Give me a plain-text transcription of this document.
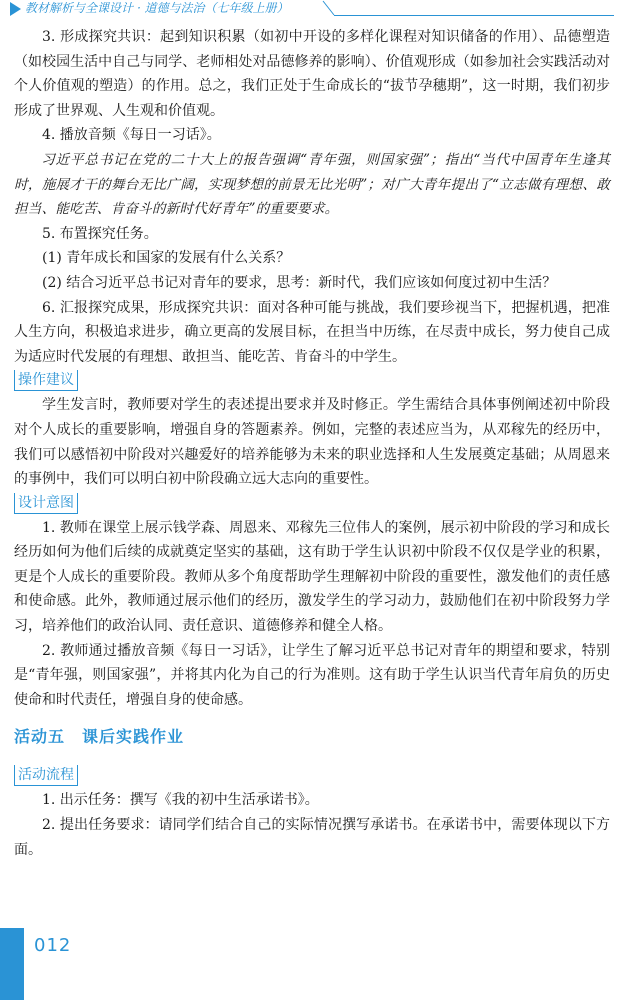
教材解析与全课设计 · 道德与法治（七年级上册）

3. 形成探究共识：起到知识积累（如初中开设的多样化课程对知识储备的作用）、品德塑造（如校园生活中自己与同学、老师相处对品德修养的影响）、价值观形成（如参加社会实践活动对个人价值观的塑造）的作用。总之，我们正处于生命成长的“拔节孕穗期”，这一时期，我们初步形成了世界观、人生观和价值观。

4. 播放音频《每日一习话》。

习近平总书记在党的二十大上的报告强调“青年强，则国家强”；指出“当代中国青年生逢其时，施展才干的舞台无比广阔，实现梦想的前景无比光明”；对广大青年提出了“立志做有理想、敢担当、能吃苦、肯奋斗的新时代好青年”的重要要求。

5. 布置探究任务。

(1) 青年成长和国家的发展有什么关系？

(2) 结合习近平总书记对青年的要求，思考：新时代，我们应该如何度过初中生活？

6. 汇报探究成果，形成探究共识：面对各种可能与挑战，我们要珍视当下，把握机遇，把准人生方向，积极追求进步，确立更高的发展目标，在担当中历练，在尽责中成长，努力使自己成为适应时代发展的有理想、敢担当、能吃苦、肯奋斗的中学生。

操作建议

学生发言时，教师要对学生的表述提出要求并及时修正。学生需结合具体事例阐述初中阶段对个人成长的重要影响，增强自身的答题素养。例如，完整的表述应当为，从邓稼先的经历中，我们可以感悟初中阶段对兴趣爱好的培养能够为未来的职业选择和人生发展奠定基础；从周恩来的事例中，我们可以明白初中阶段确立远大志向的重要性。

设计意图

1. 教师在课堂上展示钱学森、周恩来、邓稼先三位伟人的案例，展示初中阶段的学习和成长经历如何为他们后续的成就奠定坚实的基础，这有助于学生认识初中阶段不仅仅是学业的积累，更是个人成长的重要阶段。教师从多个角度帮助学生理解初中阶段的重要性，激发他们的责任感和使命感。此外，教师通过展示他们的经历，激发学生的学习动力，鼓励他们在初中阶段努力学习，培养他们的政治认同、责任意识、道德修养和健全人格。

2. 教师通过播放音频《每日一习话》，让学生了解习近平总书记对青年的期望和要求，特别是“青年强，则国家强”，并将其内化为自己的行为准则。这有助于学生认识当代青年肩负的历史使命和时代责任，增强自身的使命感。

活动五　课后实践作业
活动流程

1. 出示任务：撰写《我的初中生活承诺书》。

2. 提出任务要求：请同学们结合自己的实际情况撰写承诺书。在承诺书中，需要体现以下方面。

012
